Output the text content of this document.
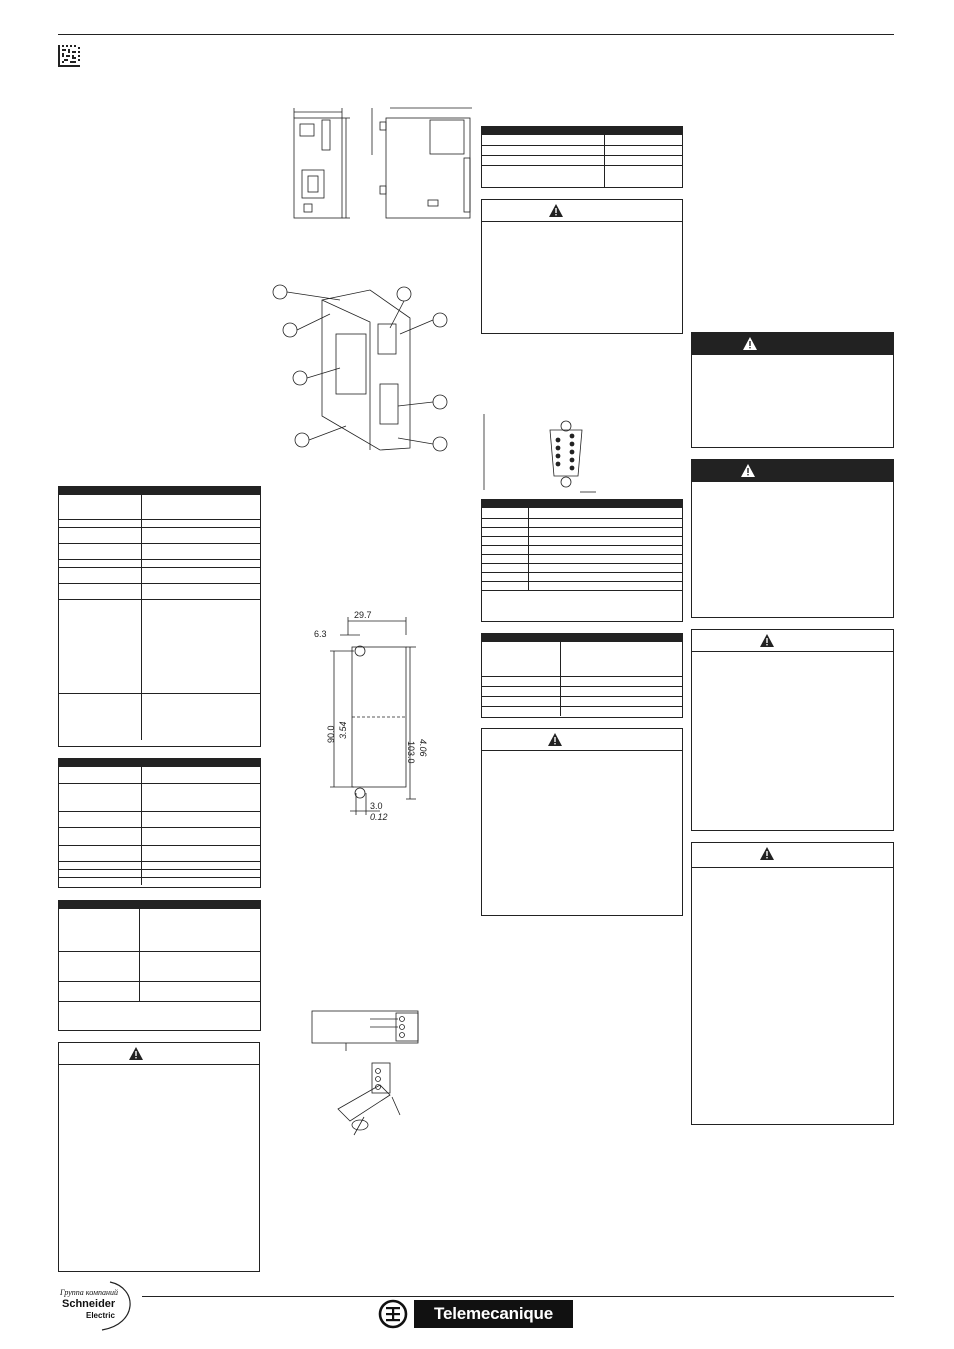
29.7
6.3
90.0 3.54
103.0 4.06
3.0
0.12
Группа компаний
Schneider
Electric	Telemecanique
